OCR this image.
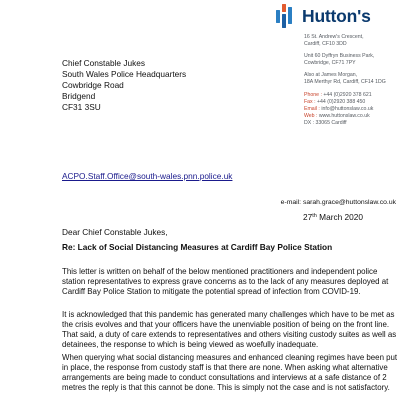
Hutton's
16 St. Andrew's Crescent,
Cardiff, CF10 3DD
Unit 60 Dyffryn Business Park,
Cowbridge, CF71 7PY
Also at James Morgan,
18A Merthyr Rd, Cardiff, CF14 1DG
Phone : +44 (0)2920 378 621
Fax : +44 (0)2920 388 450
Email : info@huttonslaw.co.uk
Web : www.huttonslaw.co.uk
DX : 33065 Cardiff
Chief Constable Jukes
South Wales Police Headquarters
Cowbridge Road
Bridgend
CF31 3SU
ACPO.Staff.Office@south-wales.pnn.police.uk
e-mail: sarah.grace@huttonslaw.co.uk
27th March 2020
Dear Chief Constable Jukes,
Re: Lack of Social Distancing Measures at Cardiff Bay Police Station
This letter is written on behalf of the below mentioned practitioners and independent police station representatives to express grave concerns as to the lack of any measures deployed at Cardiff Bay Police Station to mitigate the potential spread of infection from COVID-19.
It is acknowledged that this pandemic has generated many challenges which have to be met as the crisis evolves and that your officers have the unenviable position of being on the front line. That said, a duty of care extends to representatives and others visiting custody suites as well as detainees, the response to which is being viewed as woefully inadequate.
When querying what social distancing measures and enhanced cleaning regimes have been put in place, the response from custody staff is that there are none. When asking what alternative arrangements are being made to conduct consultations and interviews at a safe distance of 2 metres the reply is that this cannot be done. This is simply not the case and is not satisfactory.
